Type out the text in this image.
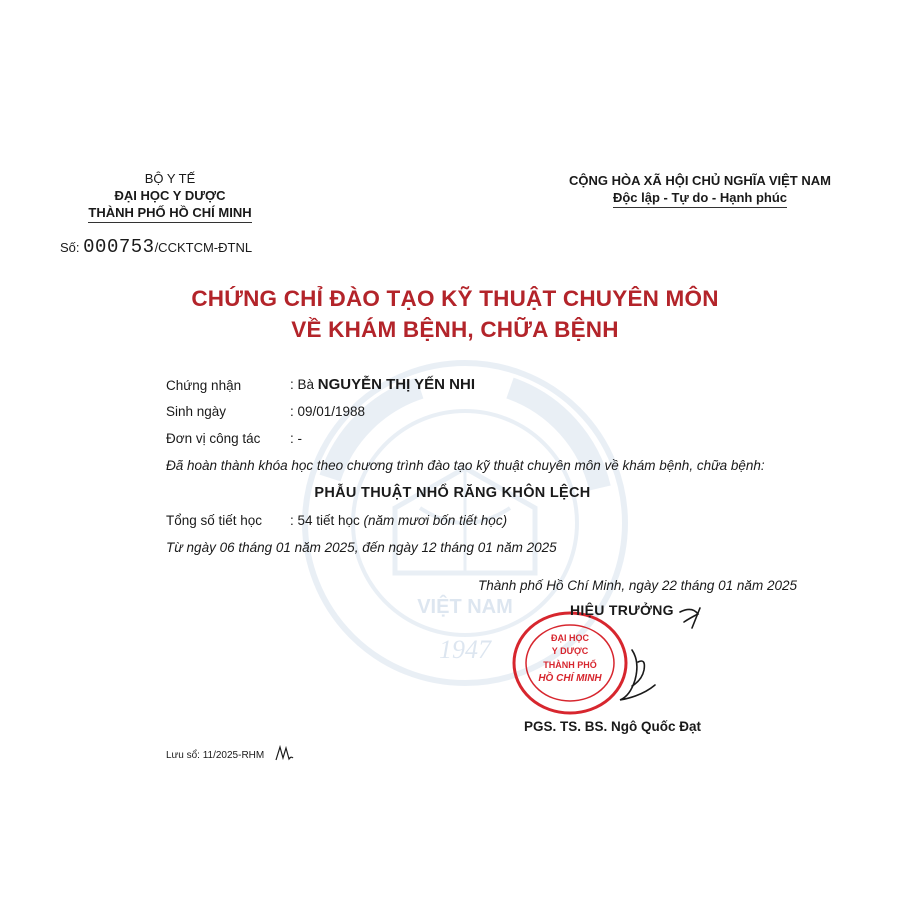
VIỆT NAM
1947
BỘ Y TẾ
ĐẠI HỌC Y DƯỢC
THÀNH PHỐ HỒ CHÍ MINH
Số: 000753/CCKTCM-ĐTNL
CỘNG HÒA XÃ HỘI CHỦ NGHĨA VIỆT NAM
Độc lập - Tự do - Hạnh phúc
CHỨNG CHỈ ĐÀO TẠO KỸ THUẬT CHUYÊN MÔN
VỀ KHÁM BỆNH, CHỮA BỆNH
Chứng nhận	: Bà NGUYỄN THỊ YẾN NHI
Sinh ngày	: 09/01/1988
Đơn vị công tác : -
Đã hoàn thành khóa học theo chương trình đào tạo kỹ thuật chuyên môn về khám bệnh, chữa bệnh:
PHẪU THUẬT NHỔ RĂNG KHÔN LỆCH
Tổng số tiết học : 54 tiết học (năm mươi bốn tiết học)
Từ ngày 06 tháng 01 năm 2025, đến ngày 12 tháng 01 năm 2025
Thành phố Hồ Chí Minh, ngày 22 tháng 01 năm 2025
ĐẠI HỌC
Y DƯỢC
THÀNH PHỐ
HỒ CHÍ MINH
HIỆU TRƯỞNG
PGS. TS. BS. Ngô Quốc Đạt
Lưu sổ: 11/2025-RHM
